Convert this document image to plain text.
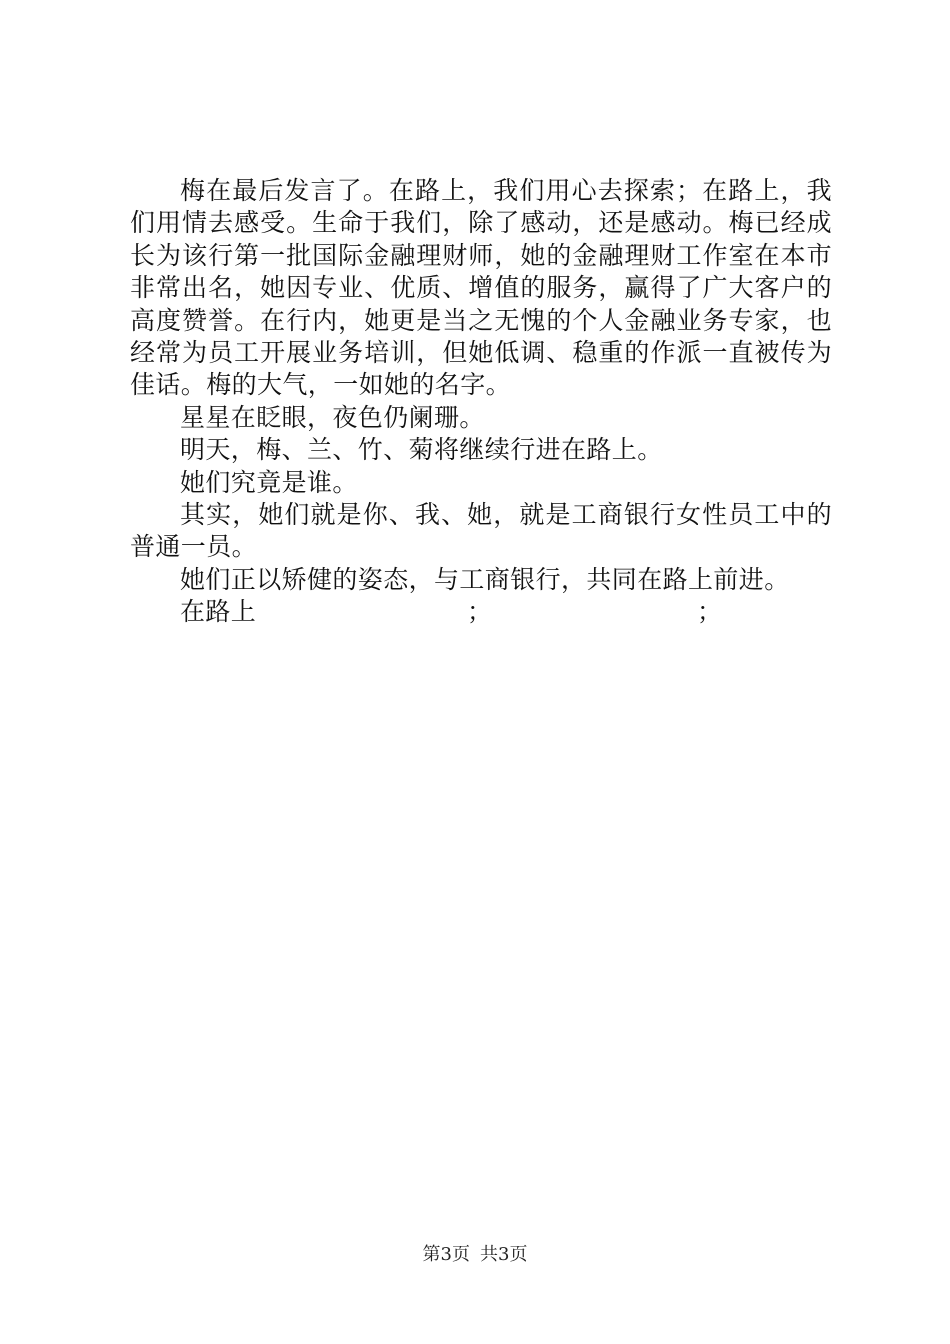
梅在最后发言了。在路上，我们用心去探索；在路上，我们用情去感受。生命于我们，除了感动，还是感动。梅已经成长为该行第一批国际金融理财师，她的金融理财工作室在本市非常出名，她因专业、优质、增值的服务，赢得了广大客户的高度赞誉。在行内，她更是当之无愧的个人金融业务专家，也经常为员工开展业务培训，但她低调、稳重的作派一直被传为佳话。梅的大气，一如她的名字。

星星在眨眼，夜色仍阑珊。

明天，梅、兰、竹、菊将继续行进在路上。

她们究竟是谁。

其实，她们就是你、我、她，就是工商银行女性员工中的普通一员。

她们正以矫健的姿态，与工商银行，共同在路上前进。

在路上

	；

	；

第3页 共3页
